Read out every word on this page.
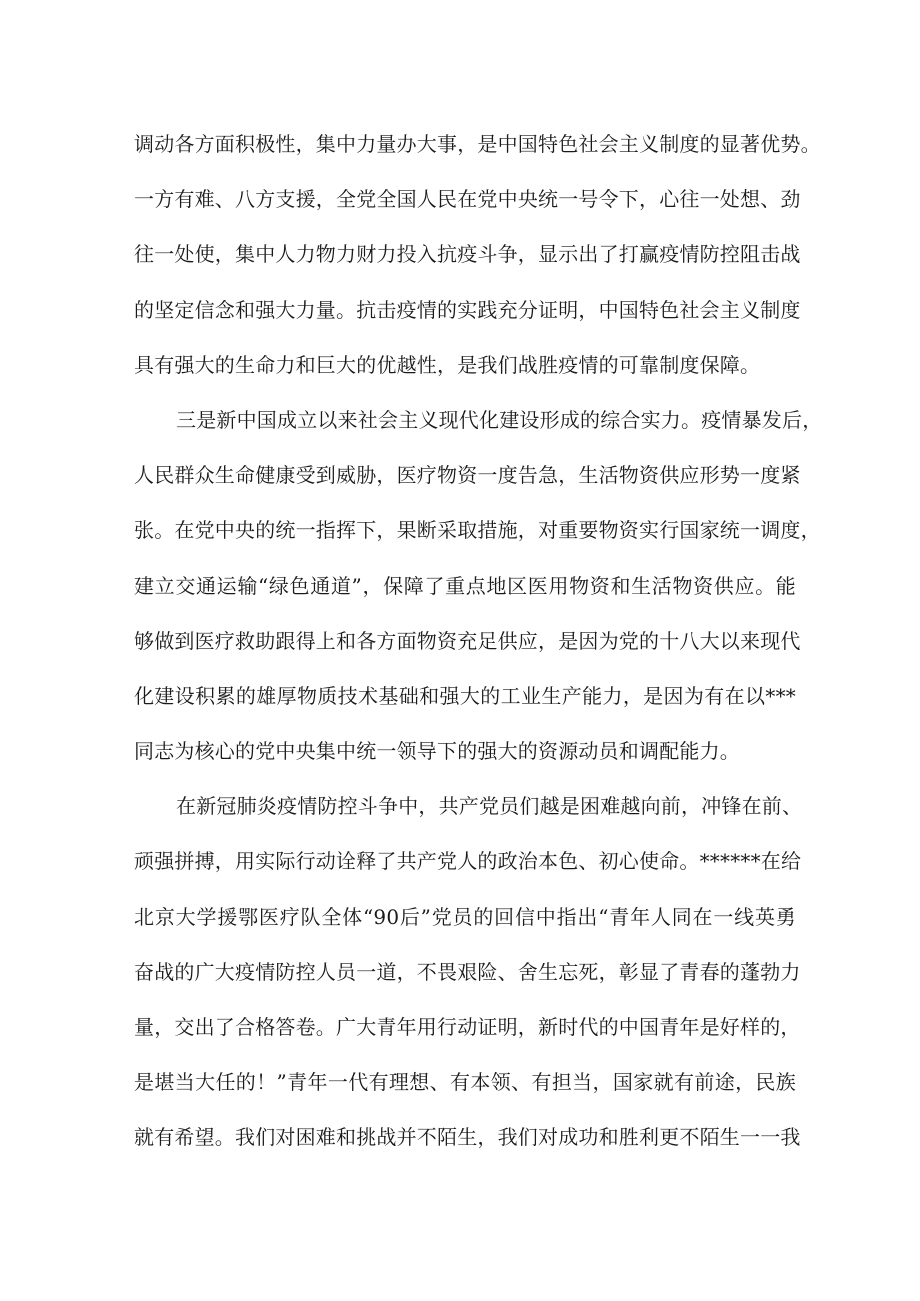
调动各方面积极性，集中力量办大事，是中国特色社会主义制度的显著优势。
一方有难、八方支援，全党全国人民在党中央统一号令下，心往一处想、劲
往一处使，集中人力物力财力投入抗疫斗争，显示出了打赢疫情防控阻击战
的坚定信念和强大力量。抗击疫情的实践充分证明，中国特色社会主义制度
具有强大的生命力和巨大的优越性，是我们战胜疫情的可靠制度保障。
三是新中国成立以来社会主义现代化建设形成的综合实力。疫情暴发后，
人民群众生命健康受到威胁，医疗物资一度告急，生活物资供应形势一度紧
张。在党中央的统一指挥下，果断采取措施，对重要物资实行国家统一调度，
建立交通运输“绿色通道”，保障了重点地区医用物资和生活物资供应。能
够做到医疗救助跟得上和各方面物资充足供应，是因为党的十八大以来现代
化建设积累的雄厚物质技术基础和强大的工业生产能力，是因为有在以***
同志为核心的党中央集中统一领导下的强大的资源动员和调配能力。
在新冠肺炎疫情防控斗争中，共产党员们越是困难越向前，冲锋在前、
顽强拼搏，用实际行动诠释了共产党人的政治本色、初心使命。******在给
北京大学援鄂医疗队全体“90后”党员的回信中指出“青年人同在一线英勇
奋战的广大疫情防控人员一道，不畏艰险、舍生忘死，彰显了青春的蓬勃力
量，交出了合格答卷。广大青年用行动证明，新时代的中国青年是好样的，
是堪当大任的！”青年一代有理想、有本领、有担当，国家就有前途，民族
就有希望。我们对困难和挑战并不陌生，我们对成功和胜利更不陌生一一我
